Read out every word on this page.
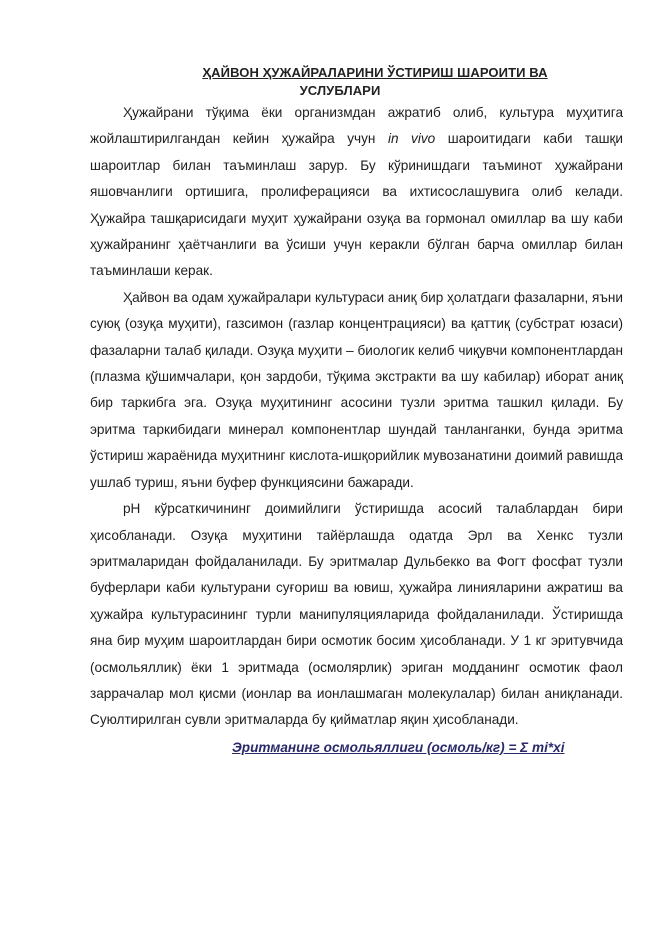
ҲАЙВОН ҲУЖАЙРАЛАРИНИ ЎСТИРИШ ШАРОИТИ ВА
УСЛУБЛАРИ

Ҳужайрани тўқима ёки организмдан ажратиб олиб, культура муҳитига жойлаштирилгандан кейин ҳужайра учун in vivo шароитидаги каби ташқи шароитлар билан таъминлаш зарур. Бу кўринишдаги таъминот ҳужайрани яшовчанлиги ортишига, пролиферацияси ва ихтисослашувига олиб келади. Ҳужайра ташқарисидаги муҳит ҳужайрани озуқа ва гормонал омиллар ва шу каби ҳужайранинг ҳаётчанлиги ва ўсиши учун керакли бўлган барча омиллар билан таъминлаши керак.

Ҳайвон ва одам ҳужайралари культураси аниқ бир ҳолатдаги фазаларни, яъни суюқ (озуқа муҳити), газсимон (газлар концентрацияси) ва қаттиқ (субстрат юзаси) фазаларни талаб қилади. Озуқа муҳити – биологик келиб чиқувчи компонентлардан (плазма қўшимчалари, қон зардоби, тўқима экстракти ва шу кабилар) иборат аниқ бир таркибга эга. Озуқа муҳитининг асосини тузли эритма ташкил қилади. Бу эритма таркибидаги минерал компонентлар шундай танланганки, бунда эритма ўстириш жараёнида муҳитнинг кислота-ишқорийлик мувозанатини доимий равишда ушлаб туриш, яъни буфер функциясини бажаради.

рН кўрсаткичининг доимийлиги ўстиришда асосий талаблардан бири ҳисобланади. Озуқа муҳитини тайёрлашда одатда Эрл ва Хенкс тузли эритмаларидан фойдаланилади. Бу эритмалар Дульбекко ва Фогт фосфат тузли буферлари каби культурани суғориш ва ювиш, ҳужайра линияларини ажратиш ва ҳужайра культурасининг турли манипуляцияларида фойдаланилади. Ўстиришда яна бир муҳим шароитлардан бири осмотик босим ҳисобланади. У 1 кг эритувчида (осмольяллик) ёки 1 эритмада (осмолярлик) эриган модданинг осмотик фаол заррачалар мол қисми (ионлар ва ионлашмаган молекулалар) билан аниқланади. Суюлтирилган сувли эритмаларда бу қийматлар яқин ҳисобланади.

Эритманинг осмольяллиги (осмоль/кг) = Σ mi*xi
